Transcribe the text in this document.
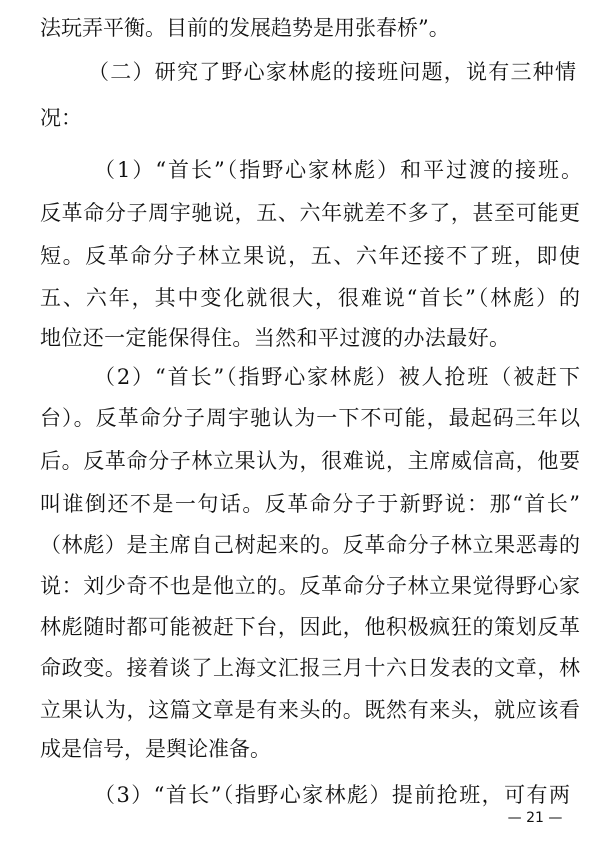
法玩弄平衡。目前的发展趋势是用张春桥”。
（二）研究了野心家林彪的接班问题，说有三种情
况：
（1）“首长”（指野心家林彪）和平过渡的接班。
反革命分子周宇驰说，五、六年就差不多了，甚至可能更
短。反革命分子林立果说，五、六年还接不了班，即使
五、六年，其中变化就很大，很难说“首长”（林彪）的
地位还一定能保得住。当然和平过渡的办法最好。
（2）“首长”（指野心家林彪）被人抢班（被赶下
台）。反革命分子周宇驰认为一下不可能，最起码三年以
后。反革命分子林立果认为，很难说，主席威信高，他要
叫谁倒还不是一句话。反革命分子于新野说：那“首长”
（林彪）是主席自己树起来的。反革命分子林立果恶毒的
说：刘少奇不也是他立的。反革命分子林立果觉得野心家
林彪随时都可能被赶下台，因此，他积极疯狂的策划反革
命政变。接着谈了上海文汇报三月十六日发表的文章，林
立果认为，这篇文章是有来头的。既然有来头，就应该看
成是信号，是舆论准备。
（3）“首长”（指野心家林彪）提前抢班，可有两
— 21 —
